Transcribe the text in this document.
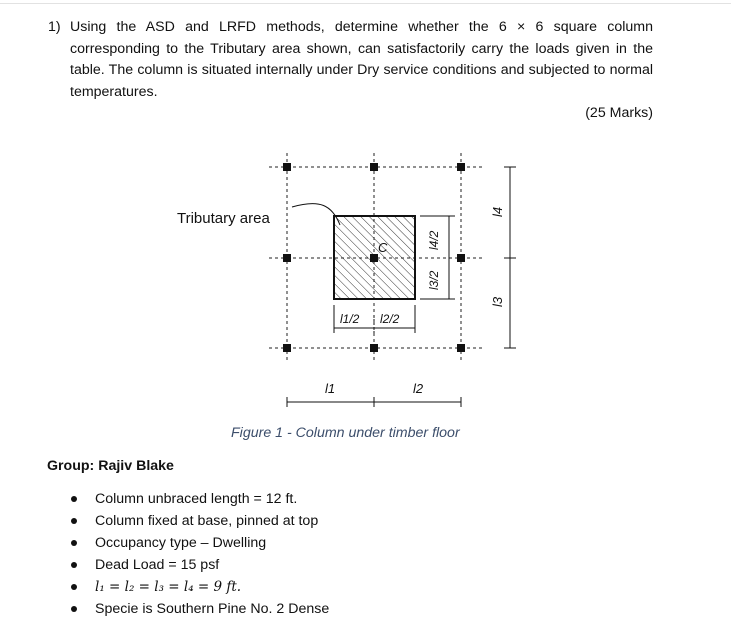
1) Using the ASD and LRFD methods, determine whether the 6 × 6 square column corresponding to the Tributary area shown, can satisfactorily carry the loads given in the table. The column is situated internally under Dry service conditions and subjected to normal temperatures.
(25 Marks)
C
Tributary area
l1/2 l2/2
l4/2
l3/2
l4
l3
l1	l2
Figure 1 - Column under timber floor
Group: Rajiv Blake
Column unbraced length = 12 ft.
Column fixed at base, pinned at top
Occupancy type – Dwelling
Dead Load = 15 psf
l₁ = l₂ = l₃ = l₄ = 9 ft.
Specie is Southern Pine No. 2 Dense
